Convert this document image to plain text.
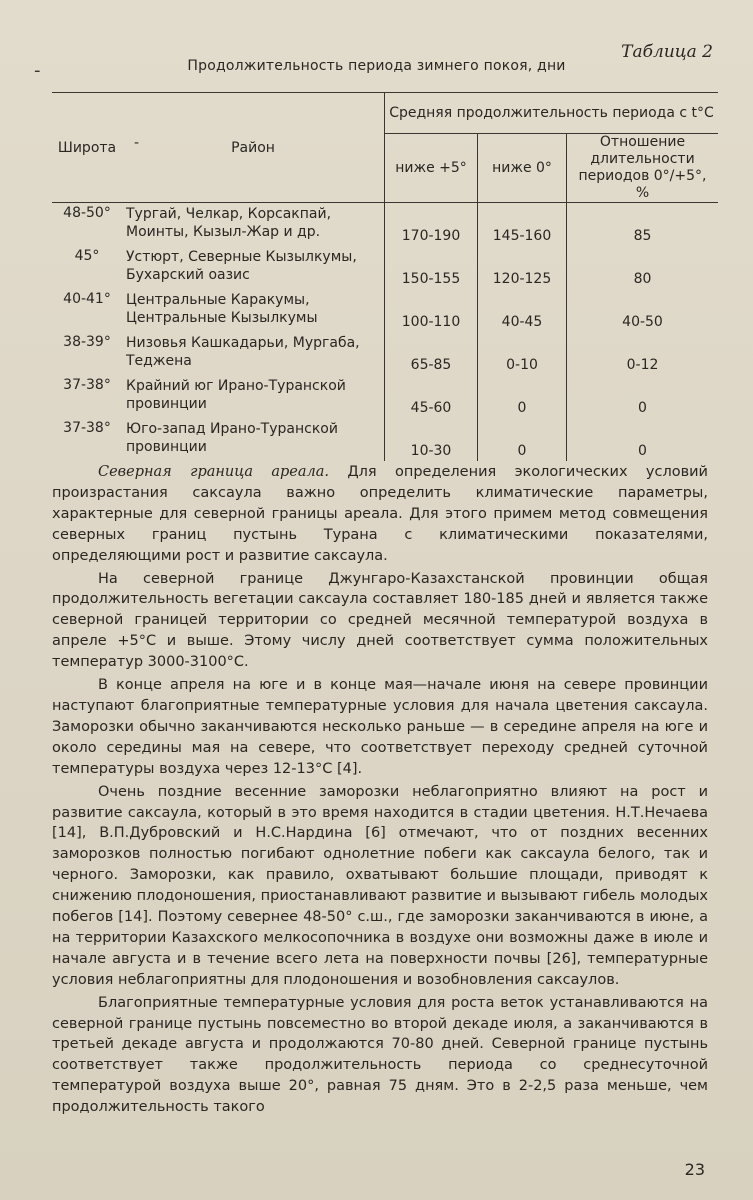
-
Таблица 2
Продолжительность периода зимнего покоя, дни
Широта	- Район	Средняя продолжительность периода с t°C		
		ниже +5°	ниже 0°	Отношение длительности периодов 0°/+5°, %
48-50°	Тургай, Челкар, Корсакпай, Моинты, Кызыл-Жар и др.	170-190	145-160	85
45°	Устюрт, Северные Кызылкумы, Бухарский оазис	150-155	120-125	80
40-41°	Центральные Каракумы, Центральные Кызылкумы	100-110	40-45	40-50
38-39°	Низовья Кашкадарьи, Мургаба, Теджена	65-85	0-10	0-12
37-38°	Крайний юг Ирано-Туранской провинции	45-60	0	0
37-38°	Юго-запад Ирано-Туранской провинции	10-30	0	0

Северная граница ареала. Для определения экологических условий произрастания саксаула важно определить климатические параметры, характерные для северной границы ареала. Для этого примем метод совмещения северных границ пустынь Турана с климатическими показателями, определяющими рост и развитие саксаула.

На северной границе Джунгаро-Казахстанской провинции общая продолжительность вегетации саксаула составляет 180-185 дней и является также северной границей территории со средней месячной температурой воздуха в апреле +5°С и выше. Этому числу дней соответствует сумма положительных температур 3000-3100°С.

В конце апреля на юге и в конце мая—начале июня на севере провинции наступают благоприятные температурные условия для начала цветения саксаула. Заморозки обычно заканчиваются несколько раньше — в середине апреля на юге и около середины мая на севере, что соответствует переходу средней суточной температуры воздуха через 12-13°С [4].

Очень поздние весенние заморозки неблагоприятно влияют на рост и развитие саксаула, который в это время находится в стадии цветения. Н.Т.Нечаева [14], В.П.Дубровский и Н.С.Нардина [6] отмечают, что от поздних весенних заморозков полностью погибают однолетние побеги как саксаула белого, так и черного. Заморозки, как правило, охватывают большие площади, приводят к снижению плодоношения, приостанавливают развитие и вызывают гибель молодых побегов [14]. Поэтому севернее 48-50° с.ш., где заморозки заканчиваются в июне, а на территории Казахского мелкосопочника в воздухе они возможны даже в июле и начале августа и в течение всего лета на поверхности почвы [26], температурные условия неблагоприятны для плодоношения и возобновления саксаулов.

Благоприятные температурные условия для роста веток устанавливаются на северной границе пустынь повсеместно во второй декаде июля, а заканчиваются в третьей декаде августа и продолжаются 70-80 дней. Северной границе пустынь соответствует также продолжительность периода со среднесуточной температурой воздуха выше 20°, равная 75 дням. Это в 2-2,5 раза меньше, чем продолжительность такого

23
